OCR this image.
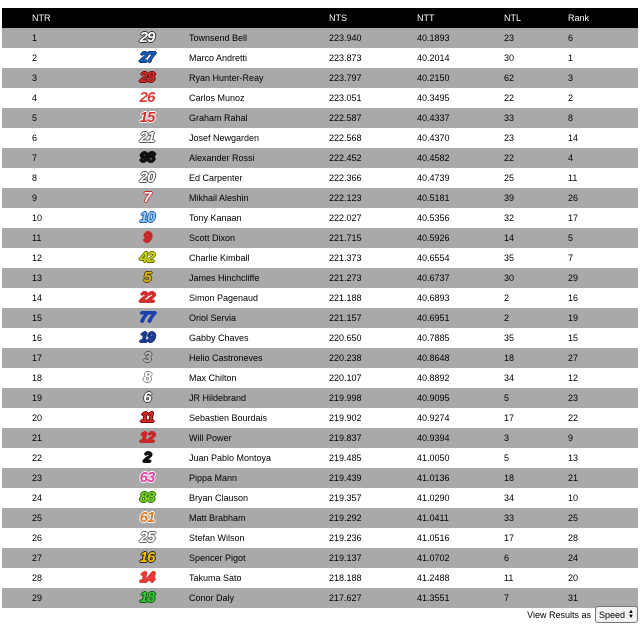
NTR			NTS	NTT	NTL	Rank
1	29	Townsend Bell	223.940	40.1893	23	6
2	27	Marco Andretti	223.873	40.2014	30	1
3	28	Ryan Hunter-Reay	223.797	40.2150	62	3
4	26	Carlos Munoz	223.051	40.3495	22	2
5	15	Graham Rahal	222.587	40.4337	33	8
6	21	Josef Newgarden	222.568	40.4370	23	14
7	98	Alexander Rossi	222.452	40.4582	22	4
8	20	Ed Carpenter	222.366	40.4739	25	11
9	7	Mikhail Aleshin	222.123	40.5181	39	26
10	10	Tony Kanaan	222.027	40.5356	32	17
11	9	Scott Dixon	221.715	40.5926	14	5
12	42	Charlie Kimball	221.373	40.6554	35	7
13	5	James Hinchcliffe	221.273	40.6737	30	29
14	22	Simon Pagenaud	221.188	40.6893	2	16
15	77	Oriol Servia	221.157	40.6951	2	19
16	19	Gabby Chaves	220.650	40.7885	35	15
17	3	Helio Castroneves	220.238	40.8648	18	27
18	8	Max Chilton	220.107	40.8892	34	12
19	6	JR Hildebrand	219.998	40.9095	5	23
20	11	Sebastien Bourdais	219.902	40.9274	17	22
21	12	Will Power	219.837	40.9394	3	9
22	2	Juan Pablo Montoya	219.485	41.0050	5	13
23	63	Pippa Mann	219.439	41.0136	18	21
24	88	Bryan Clauson	219.357	41.0290	34	10
25	61	Matt Brabham	219.292	41.0411	33	25
26	25	Stefan Wilson	219.236	41.0516	17	28
27	16	Spencer Pigot	219.137	41.0702	6	24
28	14	Takuma Sato	218.188	41.2488	11	20
29	18	Conor Daly	217.627	41.3551	7	31
View Results as Speed ▲
▼
